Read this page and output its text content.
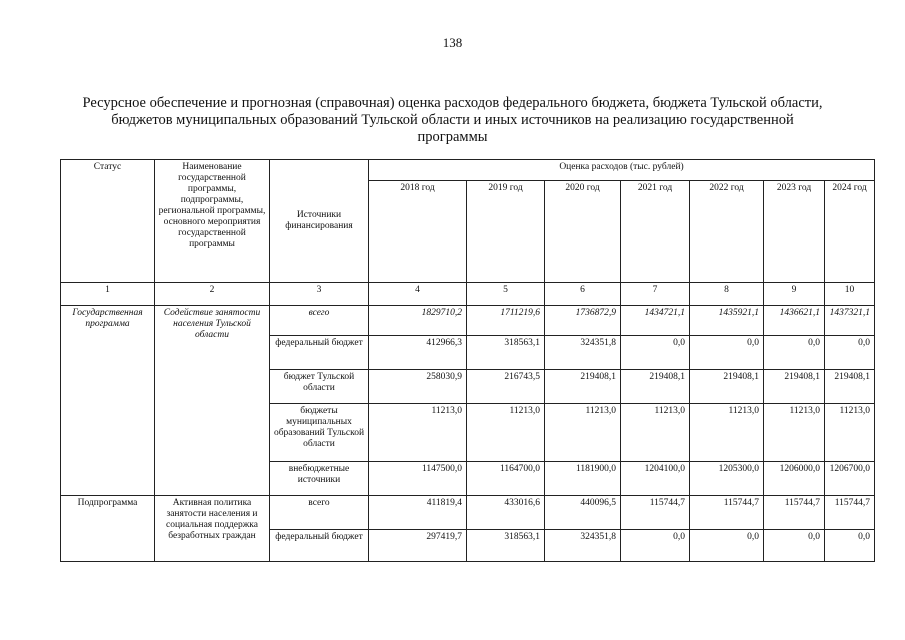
138
Ресурсное обеспечение и прогнозная (справочная) оценка расходов федерального бюджета, бюджета Тульской области,
бюджетов муниципальных образований Тульской области и иных источников на реализацию государственной
программы
Статус	Наименование государственной программы, подпрограммы, региональной программы, основного мероприятия государственной программы	Источники финансирования	Оценка расходов (тыс. рублей)						
			2018 год	2019 год	2020 год	2021 год	2022 год	2023 год	2024 год
1	2	3	4	5	6	7	8	9	10
Государственная программа	Содействие занятости населения Тульской области	всего	1829710,2	1711219,6	1736872,9	1434721,1	1435921,1	1436621,1	1437321,1
		федеральный бюджет	412966,3	318563,1	324351,8	0,0	0,0	0,0	0,0
		бюджет Тульской области	258030,9	216743,5	219408,1	219408,1	219408,1	219408,1	219408,1
		бюджеты муниципальных образований Тульской области	11213,0	11213,0	11213,0	11213,0	11213,0	11213,0	11213,0
		внебюджетные источники	1147500,0	1164700,0	1181900,0	1204100,0	1205300,0	1206000,0	1206700,0
Подпрограмма	Активная политика занятости населения и социальная поддержка безработных граждан	всего	411819,4	433016,6	440096,5	115744,7	115744,7	115744,7	115744,7
		федеральный бюджет	297419,7	318563,1	324351,8	0,0	0,0	0,0	0,0
